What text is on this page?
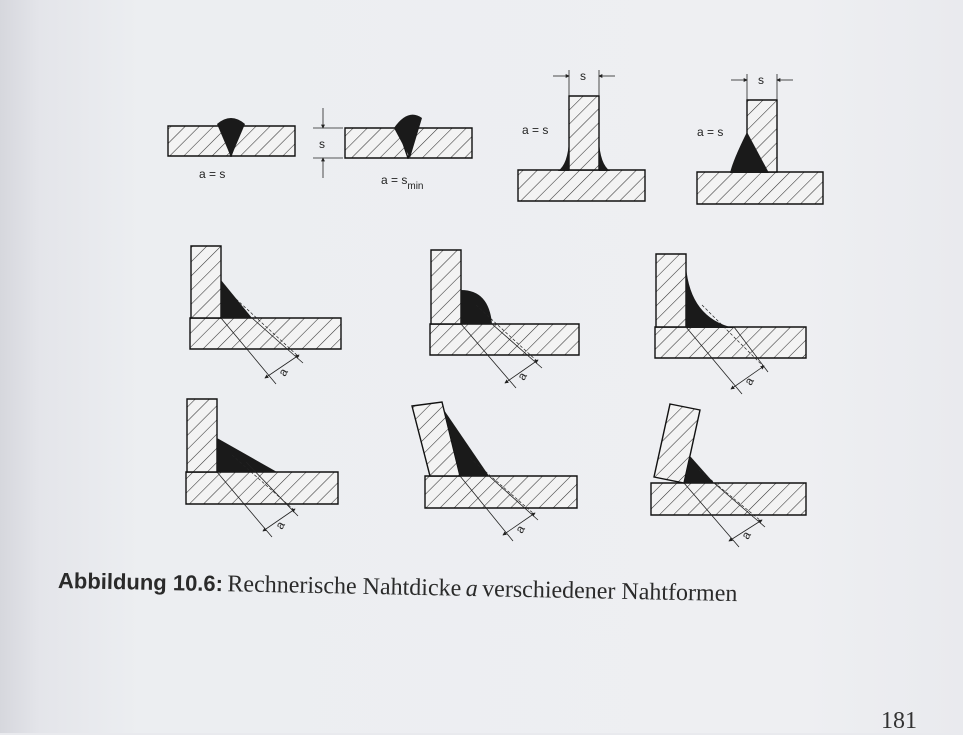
a = s
s
$a = s_{min}$
s
a = s
s
a = s
a	a	a
a	a	a
Abbildung 10.6: Rechnerische Nahtdicke a verschiedener Nahtformen
181
